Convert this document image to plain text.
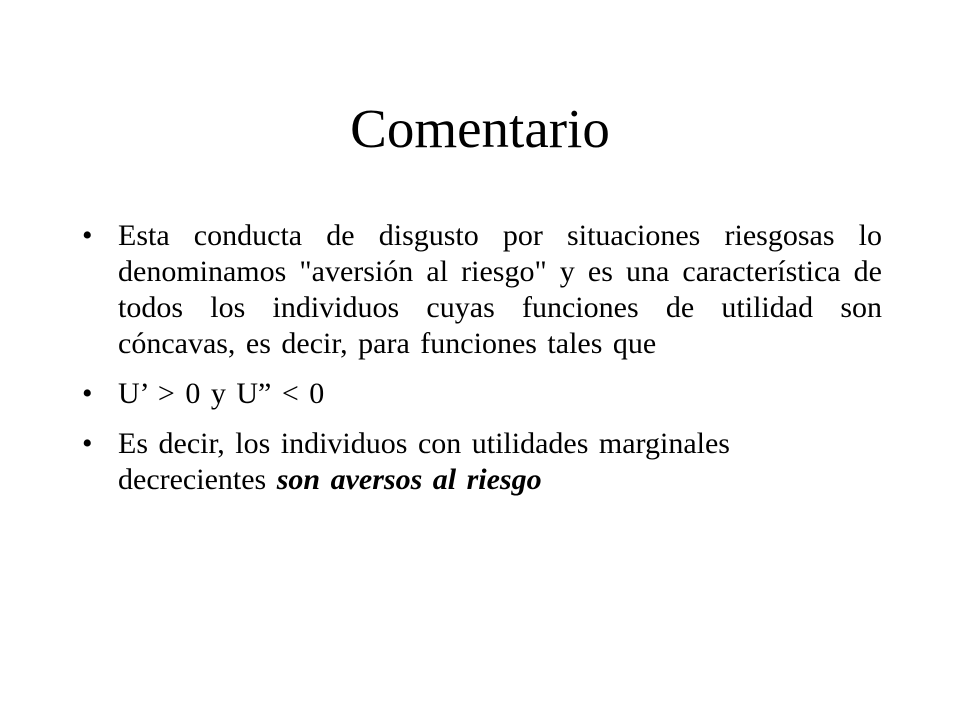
Comentario
• Esta conducta de disgusto por situaciones riesgosas lo denominamos "aversión al riesgo" y es una característica de todos los individuos cuyas funciones de utilidad son cóncavas, es decir, para funciones tales que
• U’ > 0 y U” < 0
• Es decir, los individuos con utilidades marginales decrecientes son aversos al riesgo
